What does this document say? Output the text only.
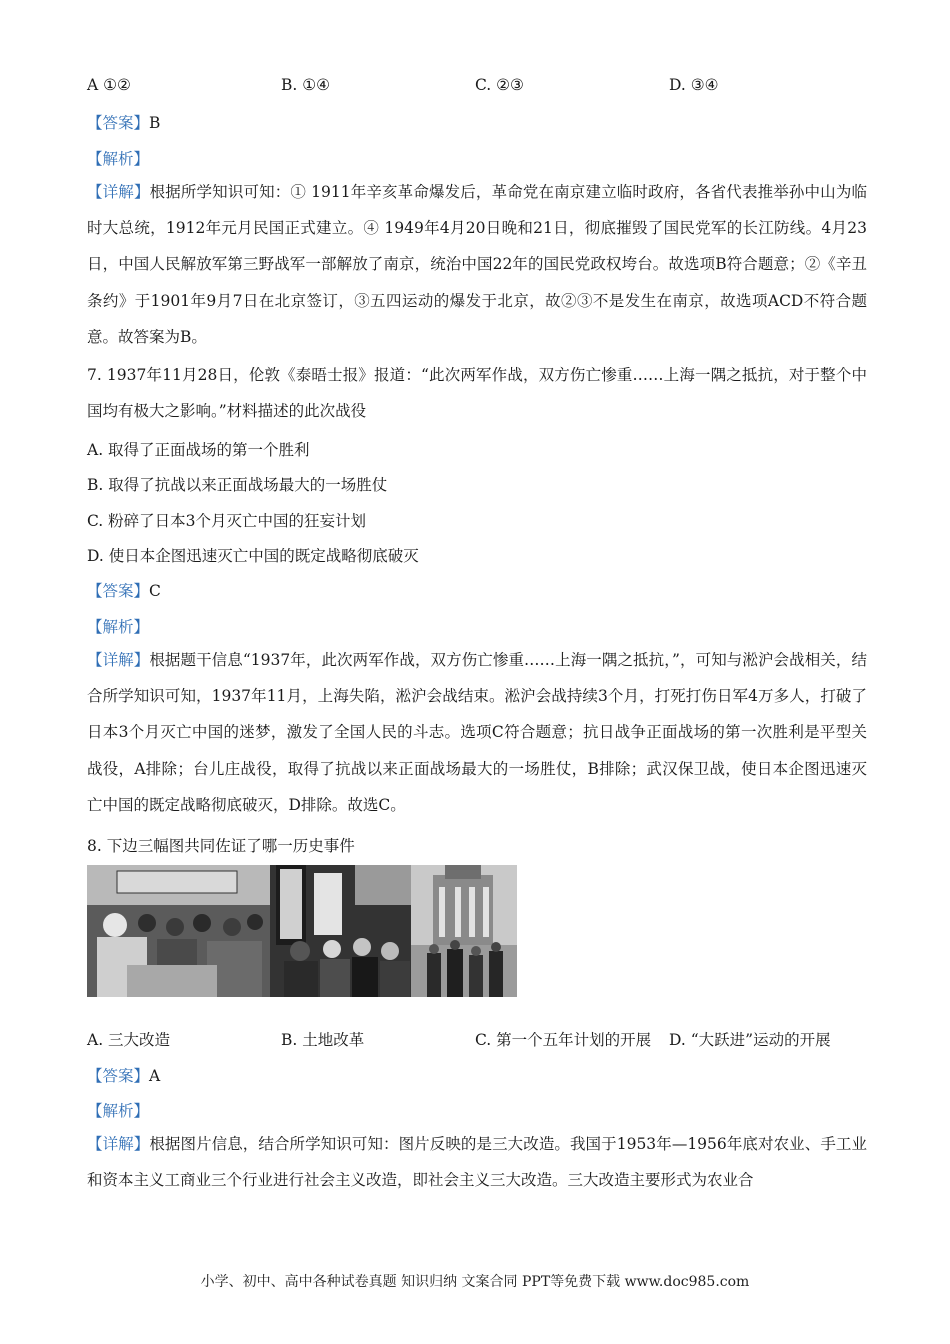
A ①②	B. ①④	C. ②③	D. ③④
【答案】B
【解析】
【详解】根据所学知识可知：① 1911年辛亥革命爆发后，革命党在南京建立临时政府，各省代表推举孙中山为临时大总统，1912年元月民国正式建立。④ 1949年4月20日晚和21日，彻底摧毁了国民党军的长江防线。4月23日，中国人民解放军第三野战军一部解放了南京，统治中国22年的国民党政权垮台。故选项B符合题意；②《辛丑条约》于1901年9月7日在北京签订，③五四运动的爆发于北京，故②③不是发生在南京，故选项ACD不符合题意。故答案为B。
7. 1937年11月28日，伦敦《泰晤士报》报道：“此次两军作战，双方伤亡惨重……上海一隅之抵抗，对于整个中国均有极大之影响。”材料描述的此次战役
A. 取得了正面战场的第一个胜利
B. 取得了抗战以来正面战场最大的一场胜仗
C. 粉碎了日本3个月灭亡中国的狂妄计划
D. 使日本企图迅速灭亡中国的既定战略彻底破灭
【答案】C
【解析】
【详解】根据题干信息“1937年，此次两军作战，双方伤亡惨重……上海一隅之抵抗，”，可知与淞沪会战相关，结合所学知识可知，1937年11月，上海失陷，淞沪会战结束。淞沪会战持续3个月，打死打伤日军4万多人，打破了日本3个月灭亡中国的迷梦，激发了全国人民的斗志。选项C符合题意；抗日战争正面战场的第一次胜利是平型关战役，A排除；台儿庄战役，取得了抗战以来正面战场最大的一场胜仗，B排除；武汉保卫战，使日本企图迅速灭亡中国的既定战略彻底破灭，D排除。故选C。
8. 下边三幅图共同佐证了哪一历史事件
A. 三大改造	B. 土地改革	C. 第一个五年计划的开展 D. “大跃进”运动的开展
【答案】A
【解析】
【详解】根据图片信息，结合所学知识可知：图片反映的是三大改造。我国于1953年—1956年底对农业、手工业和资本主义工商业三个行业进行社会主义改造，即社会主义三大改造。三大改造主要形式为农业合
小学、初中、高中各种试卷真题 知识归纳 文案合同 PPT等免费下载 www.doc985.com
